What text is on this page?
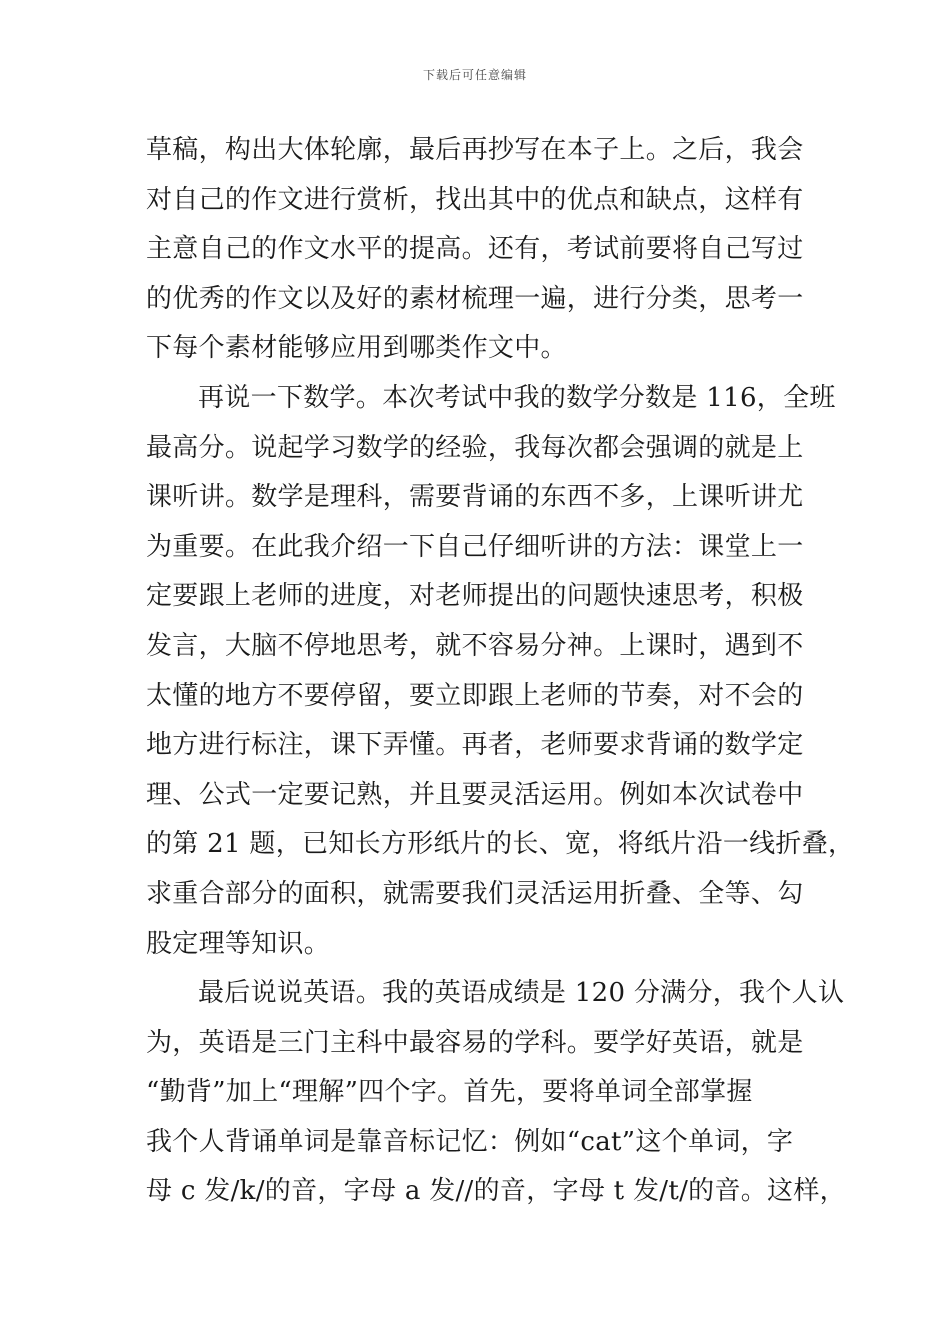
下载后可任意编辑
草稿，构出大体轮廓，最后再抄写在本子上。之后，我会
对自己的作文进行赏析，找出其中的优点和缺点，这样有
主意自己的作文水平的提高。还有，考试前要将自己写过
的优秀的作文以及好的素材梳理一遍，进行分类，思考一
下每个素材能够应用到哪类作文中。
再说一下数学。本次考试中我的数学分数是 116，全班
最高分。说起学习数学的经验，我每次都会强调的就是上
课听讲。数学是理科，需要背诵的东西不多，上课听讲尤
为重要。在此我介绍一下自己仔细听讲的方法：课堂上一
定要跟上老师的进度，对老师提出的问题快速思考，积极
发言，大脑不停地思考，就不容易分神。上课时，遇到不
太懂的地方不要停留，要立即跟上老师的节奏，对不会的
地方进行标注，课下弄懂。再者，老师要求背诵的数学定
理、公式一定要记熟，并且要灵活运用。例如本次试卷中
的第 21 题，已知长方形纸片的长、宽，将纸片沿一线折叠，
求重合部分的面积，就需要我们灵活运用折叠、全等、勾
股定理等知识。
最后说说英语。我的英语成绩是 120 分满分，我个人认
为，英语是三门主科中最容易的学科。要学好英语，就是
“勤背”加上“理解”四个字。首先，要将单词全部掌握
我个人背诵单词是靠音标记忆：例如“cat”这个单词，字
母 c 发/k/的音，字母 a 发//的音，字母 t 发/t/的音。这样，
